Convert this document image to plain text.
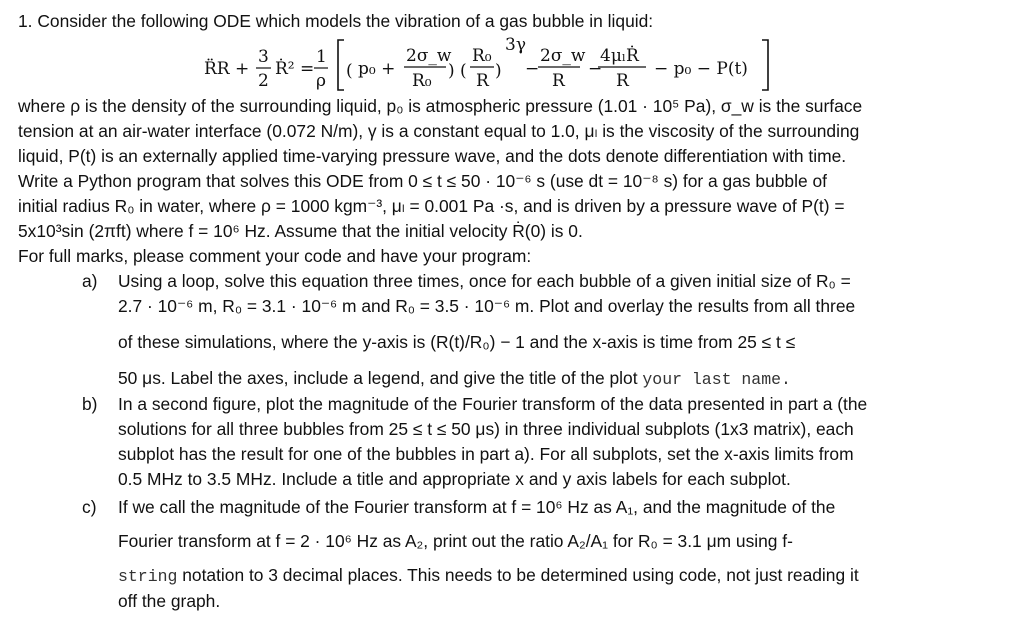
1. Consider the following ODE which models the vibration of a gas bubble in liquid:
R̈R +
3
2
Ṙ² =
1
ρ ( p₀ +
2σ_w
R₀ ) (
R₀
R )
3γ
−
2σ_w
R
−
4μₗṘ
R
− p₀ − P(t)
where ρ is the density of the surrounding liquid, p₀ is atmospheric pressure (1.01 · 10⁵ Pa), σ_w is the surface
tension at an air-water interface (0.072 N/m), γ is a constant equal to 1.0, μₗ is the viscosity of the surrounding
liquid, P(t) is an externally applied time-varying pressure wave, and the dots denote differentiation with time.
Write a Python program that solves this ODE from 0 ≤ t ≤ 50 · 10⁻⁶ s (use dt = 10⁻⁸ s) for a gas bubble of
initial radius R₀ in water, where ρ = 1000 kgm⁻³, μₗ = 0.001 Pa ·s, and is driven by a pressure wave of P(t) =
5x10³sin (2πft) where f = 10⁶ Hz. Assume that the initial velocity Ṙ(0) is 0.
For full marks, please comment your code and have your program:
a) Using a loop, solve this equation three times, once for each bubble of a given initial size of R₀ =
2.7 · 10⁻⁶ m, R₀ = 3.1 · 10⁻⁶ m and R₀ = 3.5 · 10⁻⁶ m. Plot and overlay the results from all three
of these simulations, where the y-axis is (R(t)/R₀) − 1 and the x-axis is time from 25 ≤ t ≤
50 μs. Label the axes, include a legend, and give the title of the plot your last name.
b) In a second figure, plot the magnitude of the Fourier transform of the data presented in part a (the
solutions for all three bubbles from 25 ≤ t ≤ 50 μs) in three individual subplots (1x3 matrix), each
subplot has the result for one of the bubbles in part a). For all subplots, set the x-axis limits from
0.5 MHz to 3.5 MHz. Include a title and appropriate x and y axis labels for each subplot.
c) If we call the magnitude of the Fourier transform at f = 10⁶ Hz as A₁, and the magnitude of the
Fourier transform at f = 2 · 10⁶ Hz as A₂, print out the ratio A₂/A₁ for R₀ = 3.1 μm using f-
string notation to 3 decimal places. This needs to be determined using code, not just reading it
off the graph.
